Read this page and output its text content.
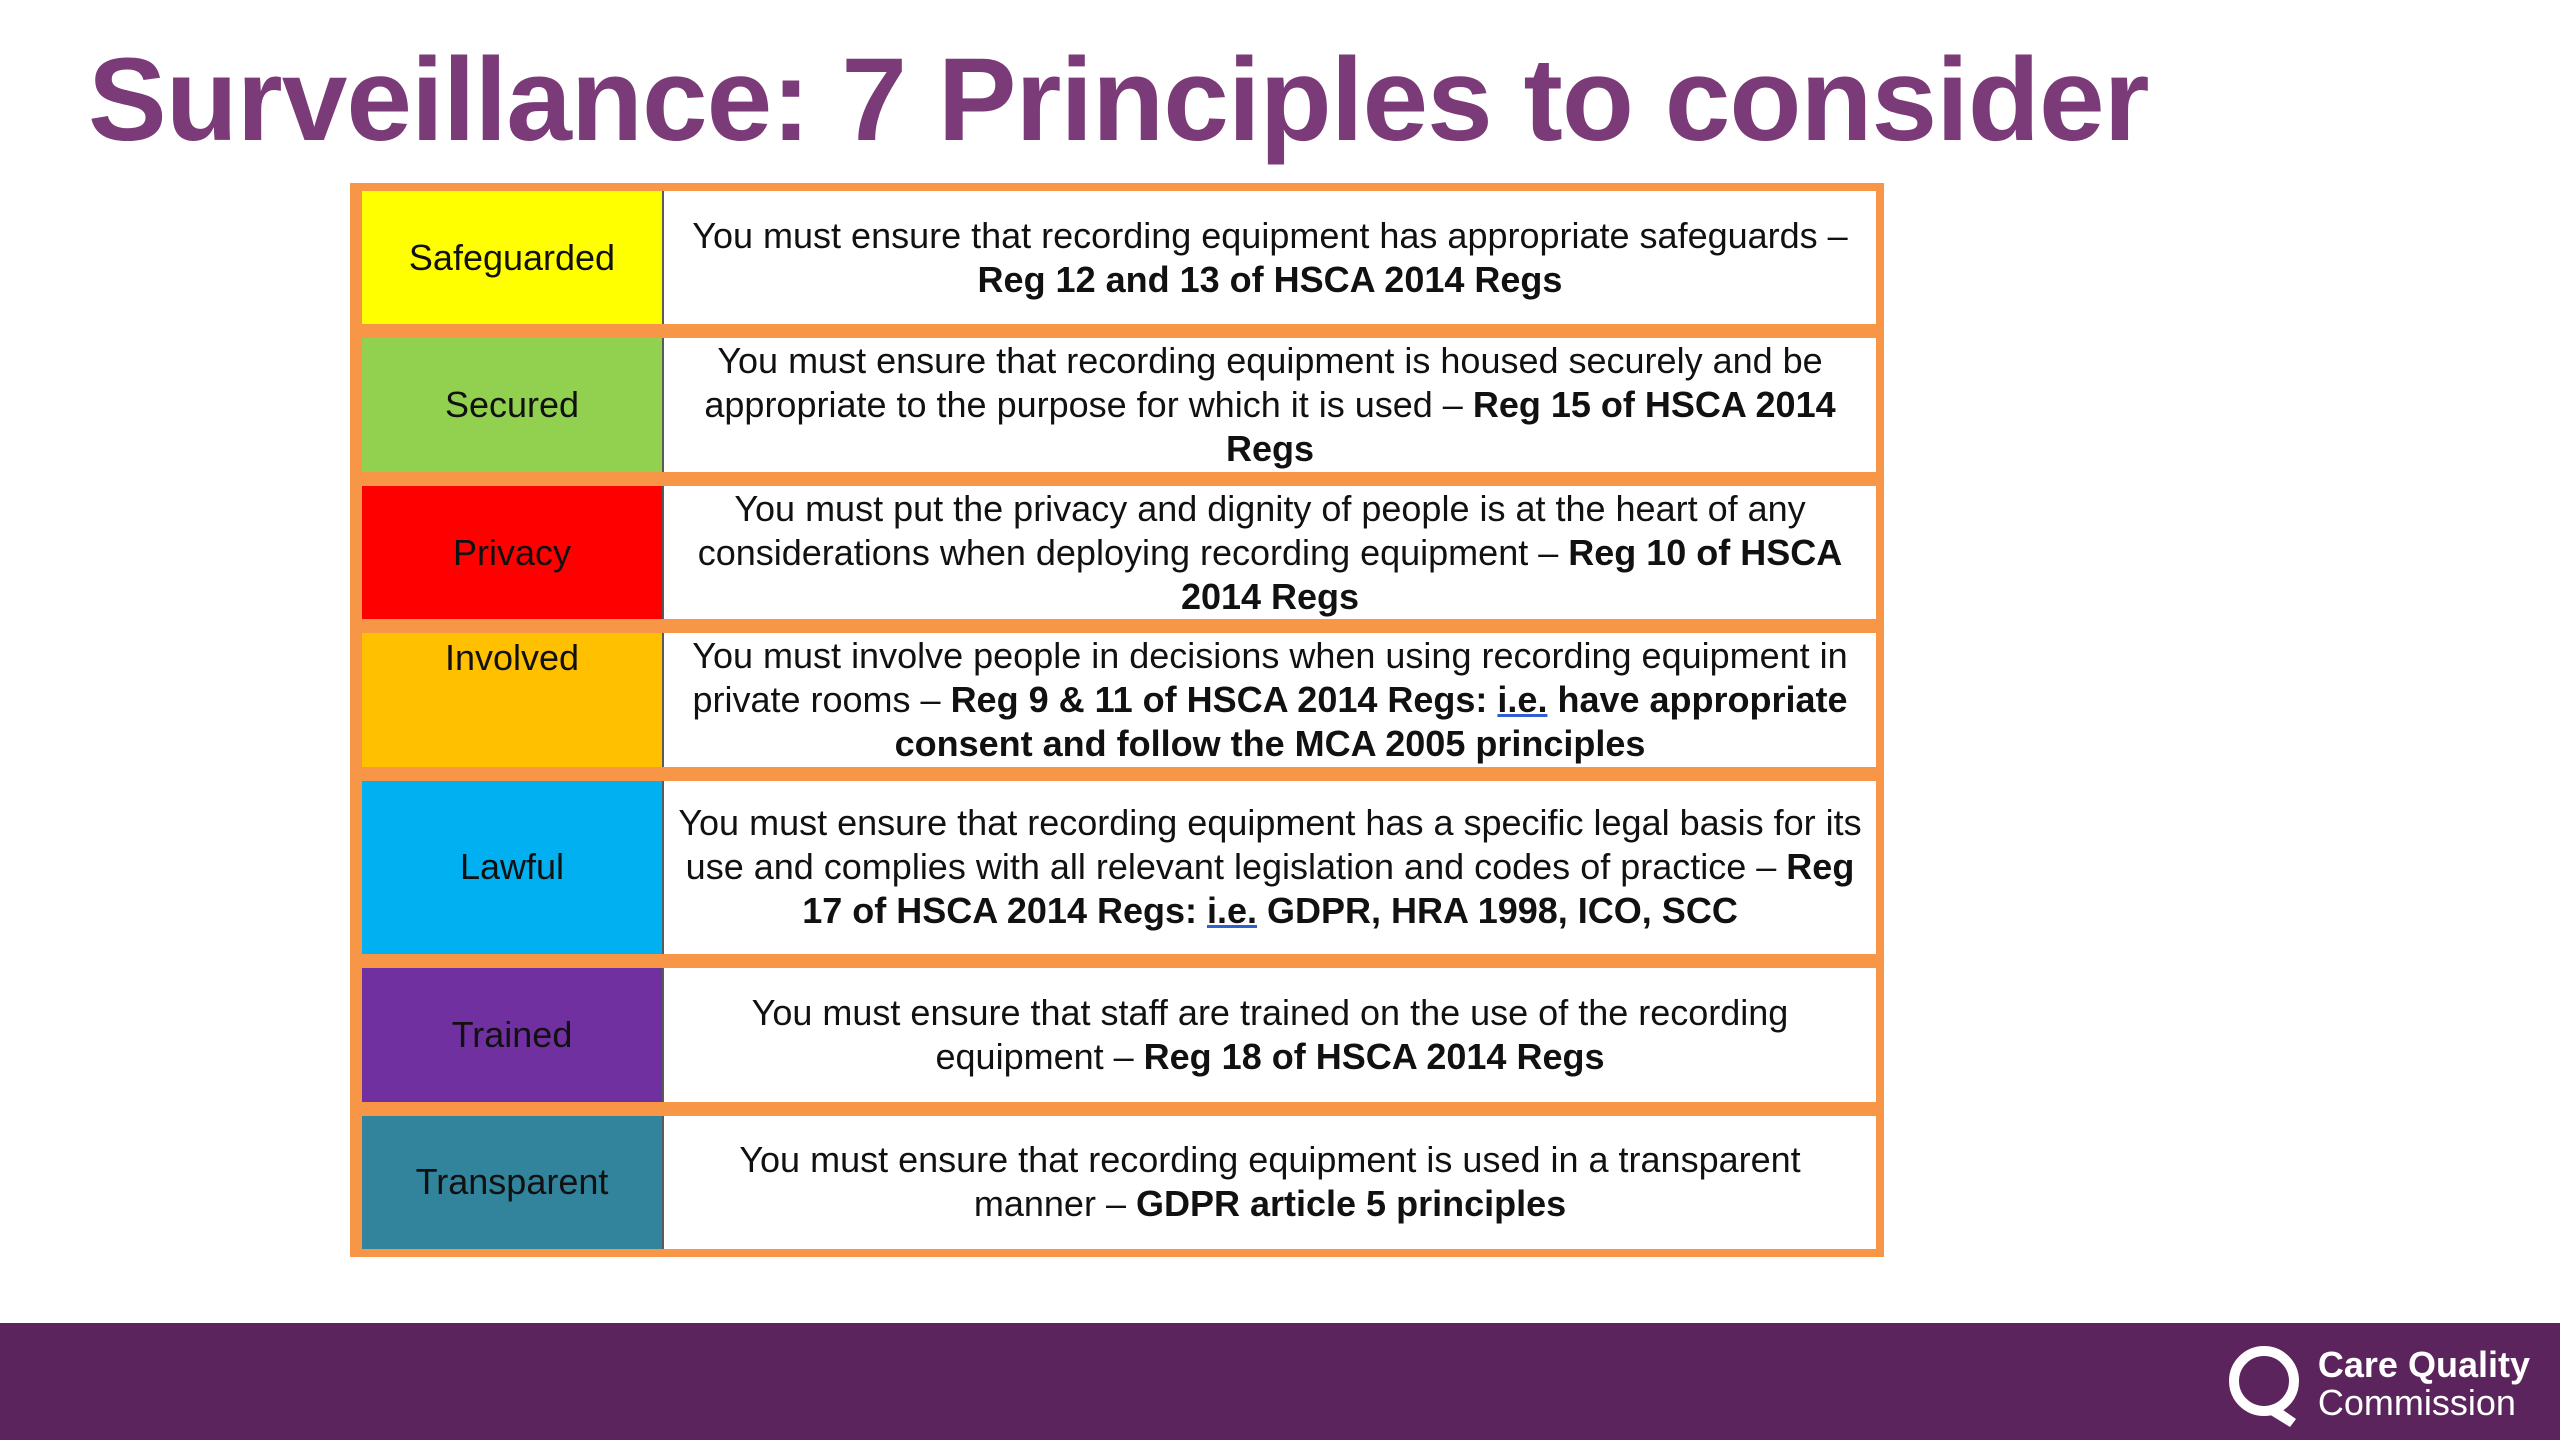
Surveillance: 7 Principles to consider
Safeguarded
You must ensure that recording equipment has appropriate safeguards – Reg 12 and 13 of HSCA 2014 Regs
Secured
You must ensure that recording equipment is housed securely and be appropriate to the purpose for which it is used – Reg 15 of HSCA 2014 Regs
Privacy
You must put the privacy and dignity of people is at the heart of any considerations when deploying recording equipment – Reg 10 of HSCA 2014 Regs
Involved	You must involve people in decisions when using recording equipment in private rooms – Reg 9 & 11 of HSCA 2014 Regs: i.e. have appropriate consent and follow the MCA 2005 principles
Lawful
You must ensure that recording equipment has a specific legal basis for its use and complies with all relevant legislation and codes of practice – Reg 17 of HSCA 2014 Regs: i.e. GDPR, HRA 1998, ICO, SCC
Trained
You must ensure that staff are trained on the use of the recording equipment – Reg 18 of HSCA 2014 Regs
Transparent
You must ensure that recording equipment is used in a transparent manner – GDPR article 5 principles
Care Quality
Commission
